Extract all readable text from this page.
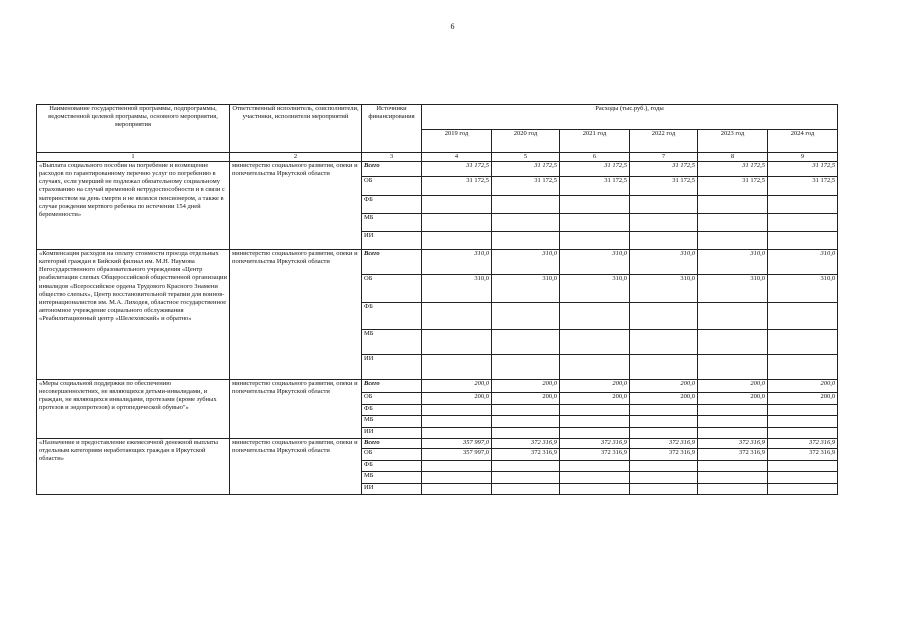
6
Наименование государственной программы, подпрограммы, ведомственной целевой программы, основного мероприятия, мероприятия	Ответственный исполнитель, соисполнители, участники, исполнители мероприятий	Источники финансирования	Расходы (тыс.руб.), годы					
			2019 год	2020 год	2021 год	2022 год	2023 год	2024 год
1	2	3	4	5	6	7	8	9
«Выплата социального пособия на погребение и возмещение расходов по гарантированному перечню услуг по погребению в случаях, если умерший не подлежал обязательному социальному страхованию на случай временной нетрудоспособности и в связи с материнством на день смерти и не являлся пенсионером, а также в случае рождения мертвого ребенка по истечении 154 дней беременности»	министерство социального развития, опеки и попечительства Иркутской области	Всего	31 172,5	31 172,5	31 172,5	31 172,5	31 172,5	31 172,5
		ОБ	31 172,5	31 172,5	31 172,5	31 172,5	31 172,5	31 172,5
		ФБ						
		МБ						
		ИИ						
«Компенсация расходов на оплату стоимости проезда отдельных категорий граждан в Бийский филиал им. М.Н. Наумова Негосударственного образовательного учреждения «Центр реабилитации слепых Общероссийской общественной организации инвалидов «Всероссийское ордена Трудового Красного Знамени общество слепых», Центр восстановительной терапии для воинов-интернационалистов им. М.А. Лиходея, областное государственное автономное учреждение социального обслуживания «Реабилитационный центр «Шелеховский» и обратно»	министерство социального развития, опеки и попечительства Иркутской области	Всего	310,0	310,0	310,0	310,0	310,0	310,0
		ОБ	310,0	310,0	310,0	310,0	310,0	310,0
		ФБ						
		МБ						
		ИИ						
«Меры социальной поддержки по обеспечению несовершеннолетних, не являющихся детьми-инвалидами, и граждан, не являющихся инвалидами, протезами (кроме зубных протезов и эндопротезов) и ортопедической обувью"»	министерство социального развития, опеки и попечительства Иркутской области	Всего	200,0	200,0	200,0	200,0	200,0	200,0
		ОБ	200,0	200,0	200,0	200,0	200,0	200,0
		ФБ						
		МБ						
		ИИ						
«Назначение и предоставление ежемесячной денежной выплаты отдельным категориям неработающих граждан в Иркутской области»	министерство социального развития, опеки и попечительства Иркутской области	Всего	357 997,0	372 316,9	372 316,9	372 316,9	372 316,9	372 316,9
		ОБ	357 997,0	372 316,9	372 316,9	372 316,9	372 316,9	372 316,9
		ФБ						
		МБ						
		ИИ						
